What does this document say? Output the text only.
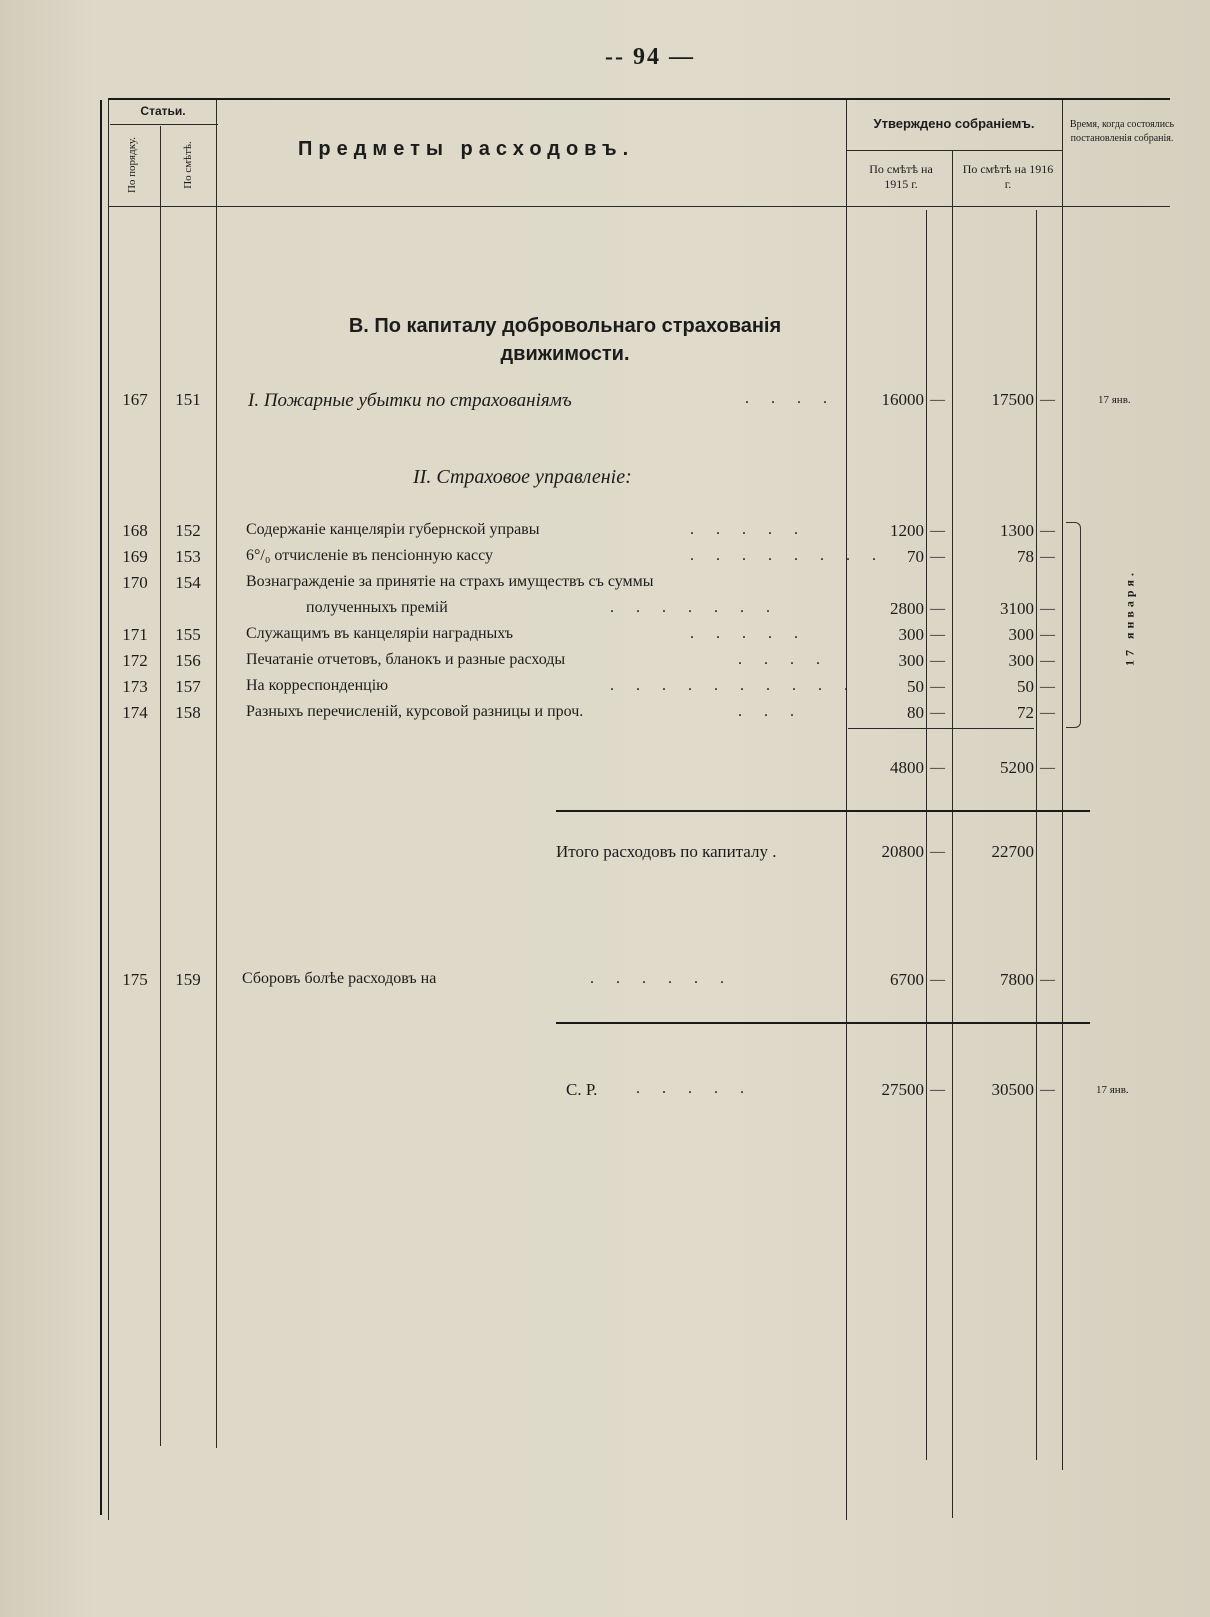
-- 94 —
Статьи.
По порядку.	По смѣтѣ.	Предметы расходовъ.
Утверждено собраніемъ.
По смѣтѣ на 1915 г.
По смѣтѣ на 1916 г.
Время, когда состоялись постановленія собранія.
В. По капиталу добровольнаго страхованія
движимости.
167	151	I. Пожарные убытки по страхованіямъ	....	16000 —	17500 —	17 янв.
II. Страховое управленіе:
168	152	Содержаніе канцеляріи губернской управы	.....	1200 —	1300 —
169	153	6°/₀ отчисленіе въ пенсіонную кассу	........ 70 —	78 —
170	154	Вознагражденіе за принятіе на страхъ имуществъ съ суммы
полученныхъ премій	.......	2800 —	3100 —
171	155	Служащимъ въ канцеляріи наградныхъ	.....	300 —	300 —
172	156	Печатаніе отчетовъ, бланокъ и разные расходы	....	300 —	300 —
173	157	На корреспонденцію	..........	50 —	50 —
174	158	Разныхъ перечисленій, курсовой разницы и проч.	...	80 —	72 —
17 января.
4800 —	5200 —
Итого расходовъ по капиталу .	20800 —	22700
175	159	Сборовъ болѣе расходовъ на	......	6700 —	7800 —
С. Р. .....	27500 —	30500 —	17 янв.
